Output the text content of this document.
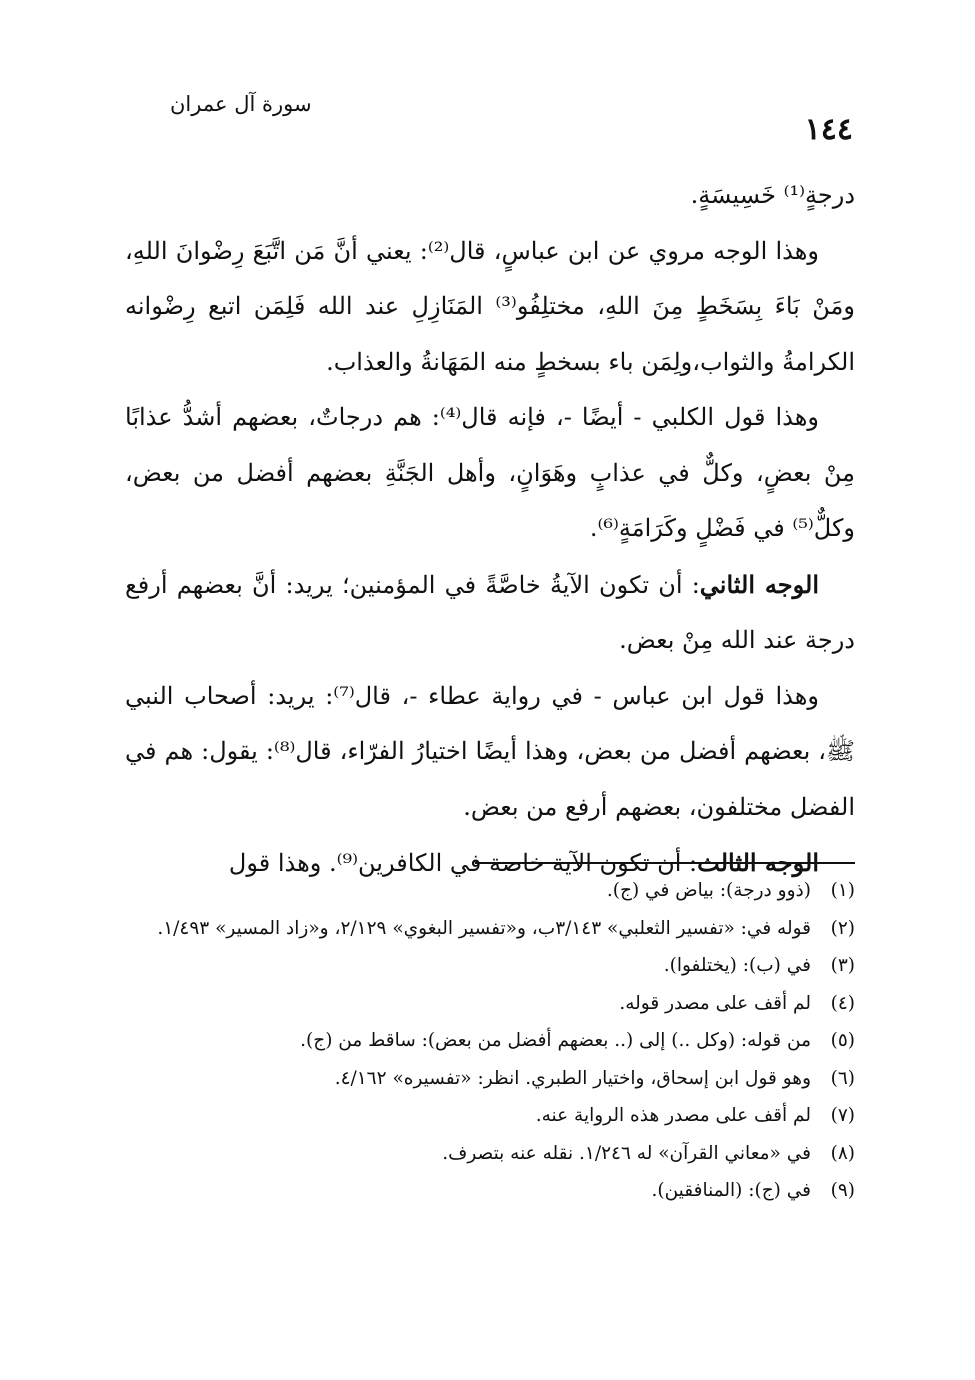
١٤٤
سورة آل عمران

درجةٍ⁽¹⁾ خَسِيسَةٍ.

وهذا الوجه مروي عن ابن عباسٍ، قال⁽²⁾: يعني أنَّ مَن اتَّبَعَ رِضْوانَ اللهِ، ومَنْ بَاءَ بِسَخَطٍ مِنَ اللهِ، مختلِفُو⁽³⁾ المَنَازِلِ عند الله فَلِمَن اتبع رِضْوانه الكرامةُ والثواب،ولِمَن باء بسخطٍ منه المَهَانةُ والعذاب.

وهذا قول الكلبي - أيضًا -، فإنه قال⁽⁴⁾: هم درجاتٌ، بعضهم أشدُّ عذابًا مِنْ بعضٍ، وكلٌّ في عذابٍ وهَوَانٍ، وأهل الجَنَّةِ بعضهم أفضل من بعض، وكلٌّ⁽⁵⁾ في فَضْلٍ وكَرَامَةٍ⁽⁶⁾.

الوجه الثاني: أن تكون الآيةُ خاصَّةً في المؤمنين؛ يريد: أنَّ بعضهم أرفع درجة عند الله مِنْ بعض.

وهذا قول ابن عباس - في رواية عطاء -، قال⁽⁷⁾: يريد: أصحاب النبي ﷺ، بعضهم أفضل من بعض، وهذا أيضًا اختيارُ الفرّاء، قال⁽⁸⁾: يقول: هم في الفضل مختلفون، بعضهم أرفع من بعض.

الوجه الثالث: أن تكون الآية خاصة في الكافرين⁽⁹⁾. وهذا قول

(١)
(ذوو درجة): بياض في (ج).
(٢)
قوله في: «تفسير الثعلبي» ٣/١٤٣ب، و«تفسير البغوي» ٢/١٢٩، و«زاد المسير» ١/٤٩٣.
(٣)
في (ب): (يختلفوا).
(٤)
لم أقف على مصدر قوله.
(٥)
من قوله: (وكل ..) إلى (.. بعضهم أفضل من بعض): ساقط من (ج).
(٦)
وهو قول ابن إسحاق، واختيار الطبري. انظر: «تفسيره» ٤/١٦٢.
(٧)
لم أقف على مصدر هذه الرواية عنه.
(٨)
في «معاني القرآن» له ١/٢٤٦. نقله عنه بتصرف.
(٩)
في (ج): (المنافقين).
